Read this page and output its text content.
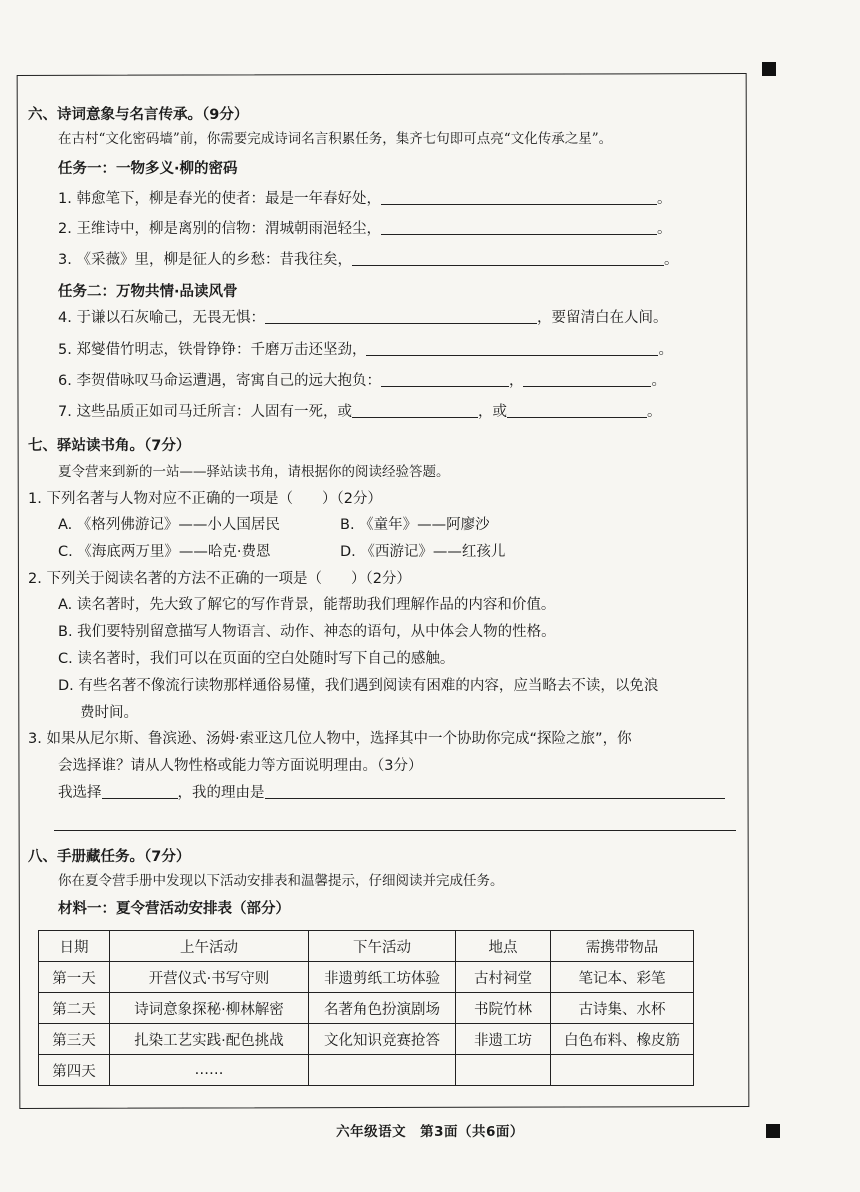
六、诗词意象与名言传承。（9分）
在古村“文化密码墙”前，你需要完成诗词名言积累任务，集齐七句即可点亮“文化传承之星”。
任务一：一物多义·柳的密码
1. 韩愈笔下，柳是春光的使者：最是一年春好处，	。
2. 王维诗中，柳是离别的信物：渭城朝雨浥轻尘，	。
3. 《采薇》里，柳是征人的乡愁：昔我往矣，	。
任务二：万物共情·品读风骨
4. 于谦以石灰喻己，无畏无惧：	，要留清白在人间。
5. 郑燮借竹明志，铁骨铮铮：千磨万击还坚劲，	。
6. 李贺借咏叹马命运遭遇，寄寓自己的远大抱负：	，	。
7. 这些品质正如司马迁所言：人固有一死，或	，或	。
七、驿站读书角。（7分）
夏令营来到新的一站——驿站读书角，请根据你的阅读经验答题。
1. 下列名著与人物对应不正确的一项是（　　）（2分）
A. 《格列佛游记》——小人国居民	B. 《童年》——阿廖沙
C. 《海底两万里》——哈克·费恩	D. 《西游记》——红孩儿
2. 下列关于阅读名著的方法不正确的一项是（　　）（2分）
A. 读名著时，先大致了解它的写作背景，能帮助我们理解作品的内容和价值。
B. 我们要特别留意描写人物语言、动作、神态的语句，从中体会人物的性格。
C. 读名著时，我们可以在页面的空白处随时写下自己的感触。
D. 有些名著不像流行读物那样通俗易懂，我们遇到阅读有困难的内容，应当略去不读，以免浪
费时间。
3. 如果从尼尔斯、鲁滨逊、汤姆·索亚这几位人物中，选择其中一个协助你完成“探险之旅”，你
会选择谁？请从人物性格或能力等方面说明理由。（3分）
我选择	，我的理由是
八、手册藏任务。（7分）
你在夏令营手册中发现以下活动安排表和温馨提示，仔细阅读并完成任务。
材料一：夏令营活动安排表（部分）
日期	上午活动	下午活动	地点	需携带物品
第一天	开营仪式·书写守则	非遗剪纸工坊体验	古村祠堂	笔记本、彩笔
第二天	诗词意象探秘·柳林解密	名著角色扮演剧场	书院竹林	古诗集、水杯
第三天	扎染工艺实践·配色挑战	文化知识竞赛抢答	非遗工坊	白色布料、橡皮筋
第四天	……			
六年级语文　第3面（共6面）
